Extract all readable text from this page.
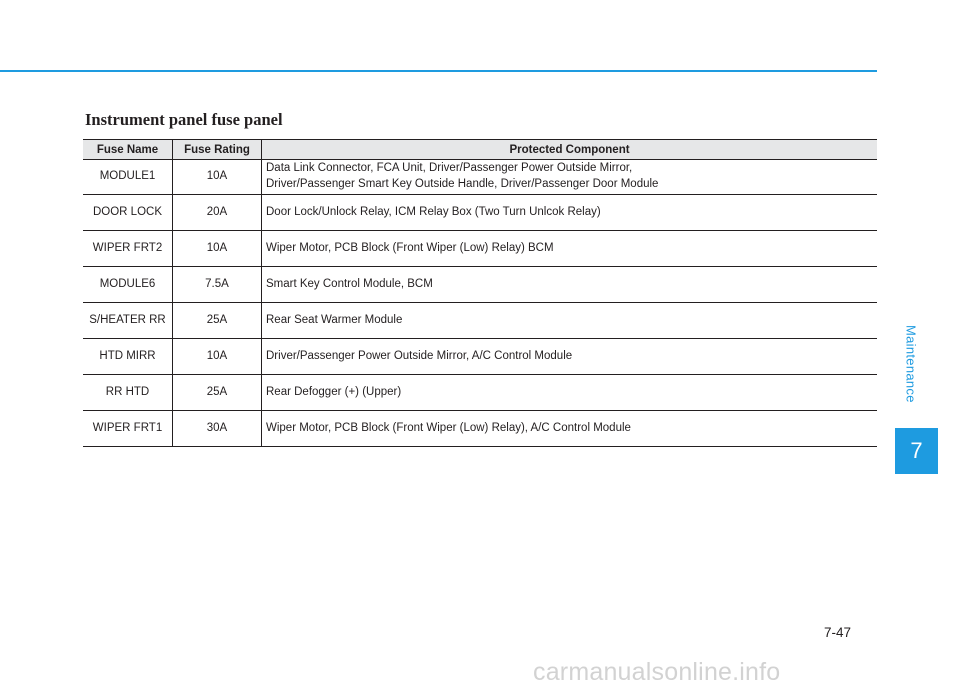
Instrument panel fuse panel
Fuse Name	Fuse Rating	Protected Component
MODULE1	10A	Data Link Connector, FCA Unit, Driver/Passenger Power Outside Mirror,
Driver/Passenger Smart Key Outside Handle, Driver/Passenger Door Module

DOOR LOCK	20A	Door Lock/Unlock Relay, ICM Relay Box (Two Turn Unlcok Relay)

WIPER FRT2	10A	Wiper Motor, PCB Block (Front Wiper (Low) Relay) BCM

MODULE6	7.5A	Smart Key Control Module, BCM

S/HEATER RR	25A	Rear Seat Warmer Module

HTD MIRR	10A	Driver/Passenger Power Outside Mirror, A/C Control Module

RR HTD	25A	Rear Defogger (+) (Upper)

WIPER FRT1	30A	Wiper Motor, PCB Block (Front Wiper (Low) Relay), A/C Control Module
Maintenance
7
7-47
carmanualsonline.info
